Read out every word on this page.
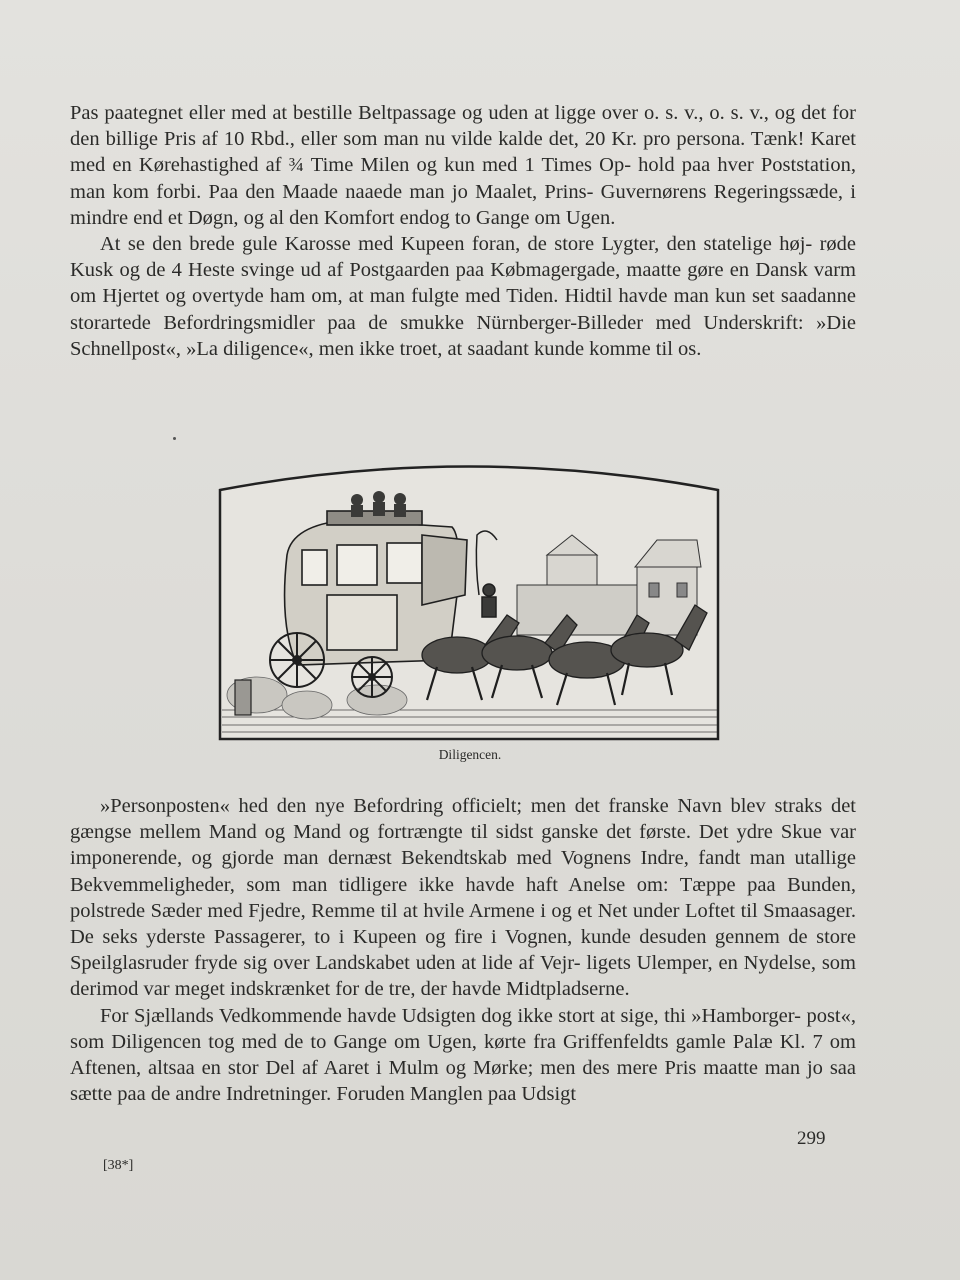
Pas paategnet eller med at bestille Beltpassage og uden at ligge over o. s. v., o. s. v., og det for den billige Pris af 10 Rbd., eller som man nu vilde kalde det, 20 Kr. pro persona. Tænk! Karet med en Kørehastighed af ¾ Time Milen og kun med 1 Times Op- hold paa hver Poststation, man kom forbi. Paa den Maade naaede man jo Maalet, Prins- Guvernørens Regeringssæde, i mindre end et Døgn, og al den Komfort endog to Gange om Ugen.

At se den brede gule Karosse med Kupeen foran, de store Lygter, den statelige høj- røde Kusk og de 4 Heste svinge ud af Postgaarden paa Købmagergade, maatte gøre en Dansk varm om Hjertet og overtyde ham om, at man fulgte med Tiden. Hidtil havde man kun set saadanne storartede Befordringsmidler paa de smukke Nürnberger-Billeder med Underskrift: »Die Schnellpost«, »La diligence«, men ikke troet, at saadant kunde komme til os.

Diligencen.

»Personposten« hed den nye Befordring officielt; men det franske Navn blev straks det gængse mellem Mand og Mand og fortrængte til sidst ganske det første. Det ydre Skue var imponerende, og gjorde man dernæst Bekendtskab med Vognens Indre, fandt man utallige Bekvemmeligheder, som man tidligere ikke havde haft Anelse om: Tæppe paa Bunden, polstrede Sæder med Fjedre, Remme til at hvile Armene i og et Net under Loftet til Smaasager. De seks yderste Passagerer, to i Kupeen og fire i Vognen, kunde desuden gennem de store Speilglasruder fryde sig over Landskabet uden at lide af Vejr- ligets Ulemper, en Nydelse, som derimod var meget indskrænket for de tre, der havde Midtpladserne.

For Sjællands Vedkommende havde Udsigten dog ikke stort at sige, thi »Hamborger- post«, som Diligencen tog med de to Gange om Ugen, kørte fra Griffenfeldts gamle Palæ Kl. 7 om Aftenen, altsaa en stor Del af Aaret i Mulm og Mørke; men des mere Pris maatte man jo saa sætte paa de andre Indretninger. Foruden Manglen paa Udsigt

299
[38*]
